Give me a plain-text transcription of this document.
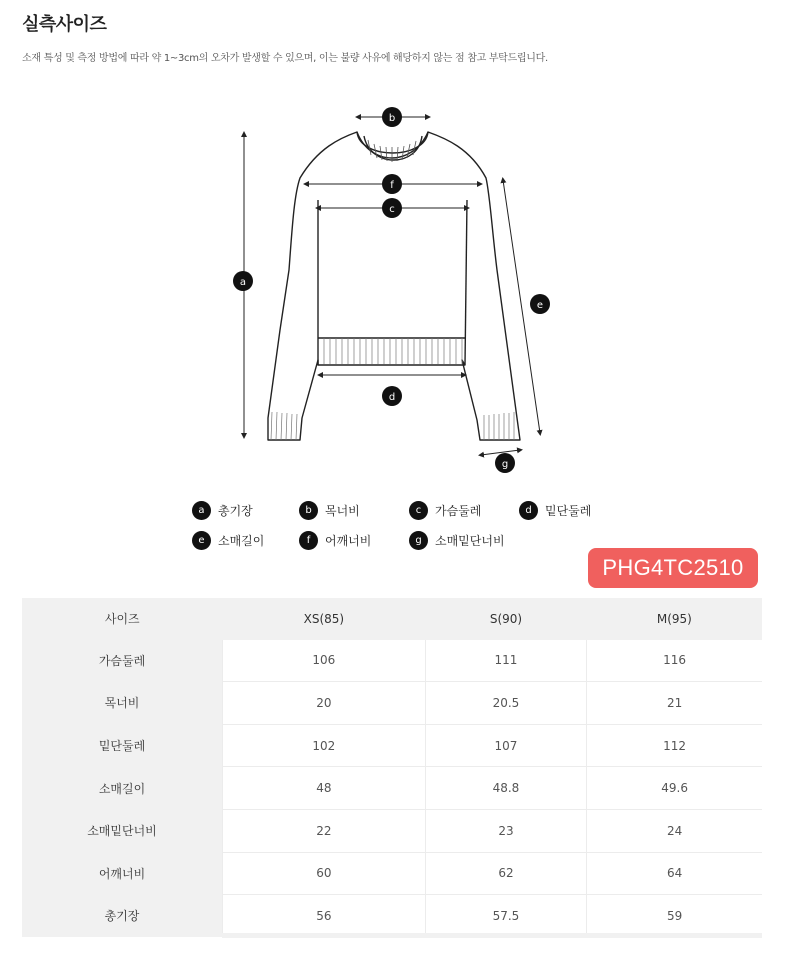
실측사이즈
소재 특성 및 측정 방법에 따라 약 1~3cm의 오차가 발생할 수 있으며, 이는 불량 사유에 해당하지 않는 점 참고 부탁드립니다.
b
f
c
a
e
d
g
a	총기장	b	목너비	c	가슴둘레	d	밑단둘레
e	소매길이	f	어깨너비	g	소매밑단너비
PHG4TC2510
사이즈	XS(85)	S(90)	M(95)
가슴둘레	106	111	116
목너비	20	20.5	21
밑단둘레	102	107	112
소매길이	48	48.8	49.6
소매밑단너비	22	23	24
어깨너비	60	62	64
총기장	56	57.5	59
